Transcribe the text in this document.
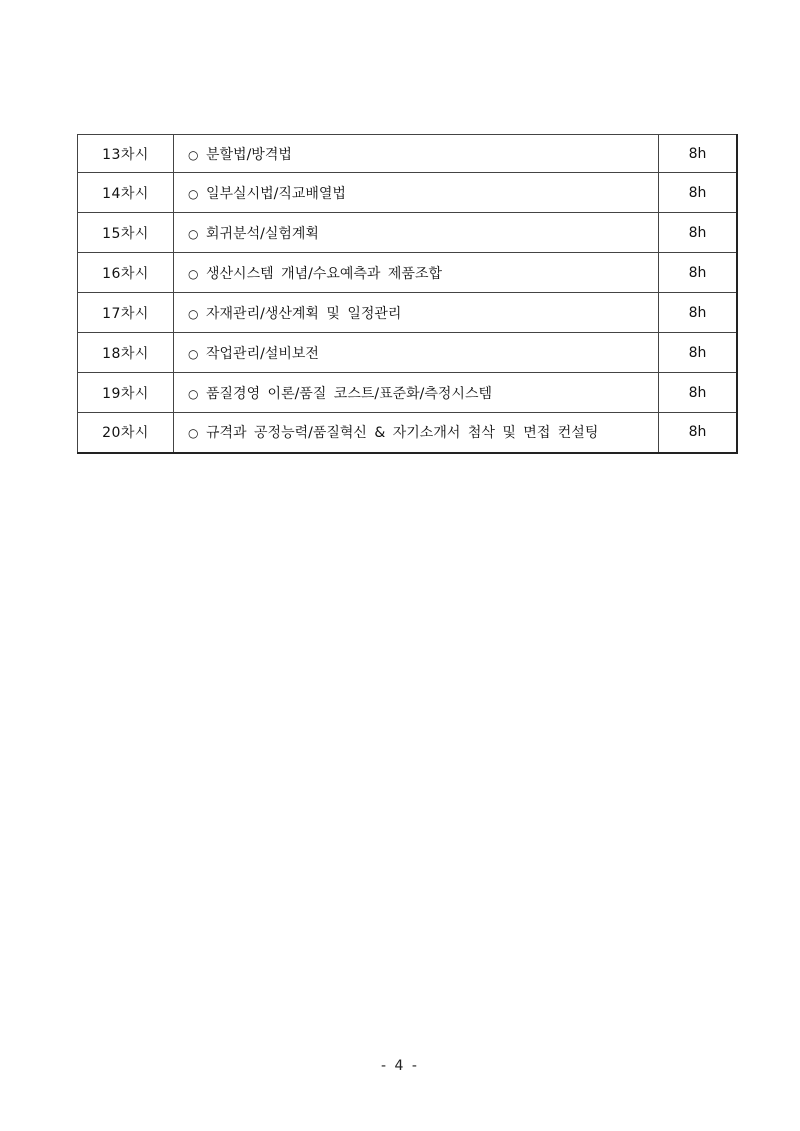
13차시	○ 분할법/방격법	8h
14차시	○ 일부실시법/직교배열법	8h
15차시	○ 회귀분석/실험계획	8h
16차시	○ 생산시스템 개념/수요예측과 제품조합	8h
17차시	○ 자재관리/생산계획 및 일정관리	8h
18차시	○ 작업관리/설비보전	8h
19차시	○ 품질경영 이론/품질 코스트/표준화/측정시스템	8h
20차시	○ 규격과 공정능력/품질혁신 & 자기소개서 첨삭 및 면접 컨설팅	8h
- 4 -
